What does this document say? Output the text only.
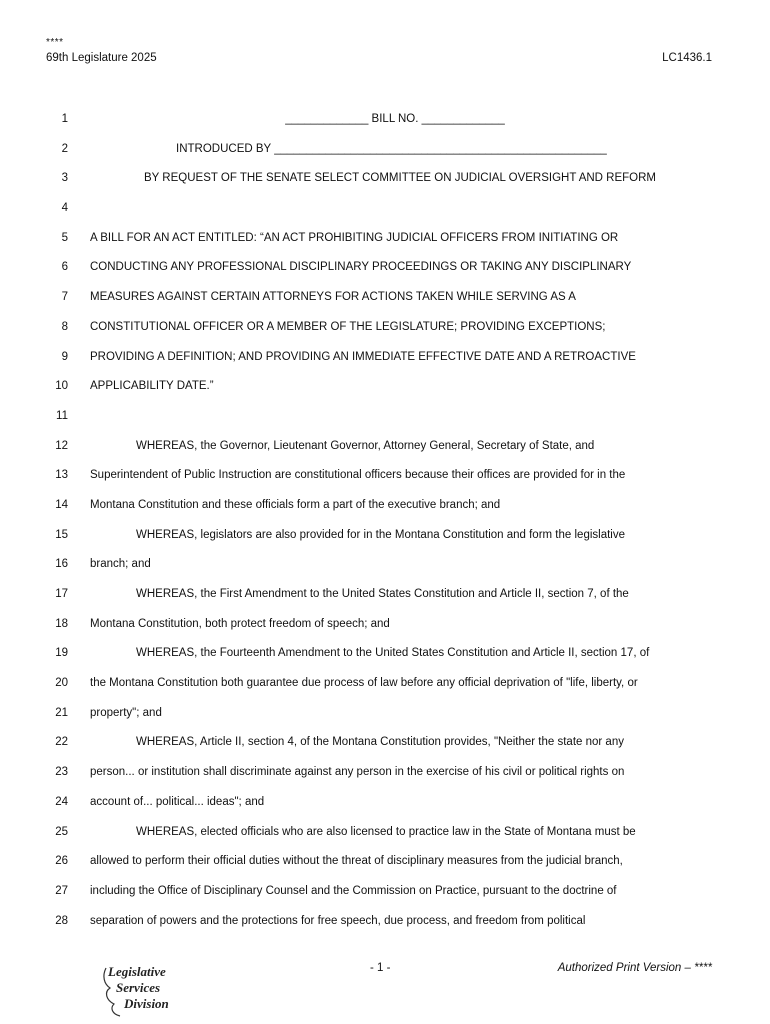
****
69th Legislature 2025	LC1436.1
1	_____________ BILL NO. _____________
2	INTRODUCED BY ____________________________________________________
3	BY REQUEST OF THE SENATE SELECT COMMITTEE ON JUDICIAL OVERSIGHT AND REFORM
4
5 A BILL FOR AN ACT ENTITLED: “AN ACT PROHIBITING JUDICIAL OFFICERS FROM INITIATING OR
6 CONDUCTING ANY PROFESSIONAL DISCIPLINARY PROCEEDINGS OR TAKING ANY DISCIPLINARY
7 MEASURES AGAINST CERTAIN ATTORNEYS FOR ACTIONS TAKEN WHILE SERVING AS A
8 CONSTITUTIONAL OFFICER OR A MEMBER OF THE LEGISLATURE; PROVIDING EXCEPTIONS;
9 PROVIDING A DEFINITION; AND PROVIDING AN IMMEDIATE EFFECTIVE DATE AND A RETROACTIVE
10 APPLICABILITY DATE.”
11
12	WHEREAS, the Governor, Lieutenant Governor, Attorney General, Secretary of State, and
13 Superintendent of Public Instruction are constitutional officers because their offices are provided for in the
14 Montana Constitution and these officials form a part of the executive branch; and
15	WHEREAS, legislators are also provided for in the Montana Constitution and form the legislative
16 branch; and
17	WHEREAS, the First Amendment to the United States Constitution and Article II, section 7, of the
18 Montana Constitution, both protect freedom of speech; and
19	WHEREAS, the Fourteenth Amendment to the United States Constitution and Article II, section 17, of
20 the Montana Constitution both guarantee due process of law before any official deprivation of "life, liberty, or
21 property"; and
22	WHEREAS, Article II, section 4, of the Montana Constitution provides, "Neither the state nor any
23 person... or institution shall discriminate against any person in the exercise of his civil or political rights on
24 account of... political... ideas"; and
25	WHEREAS, elected officials who are also licensed to practice law in the State of Montana must be
26 allowed to perform their official duties without the threat of disciplinary measures from the judicial branch,
27 including the Office of Disciplinary Counsel and the Commission on Practice, pursuant to the doctrine of
28 separation of powers and the protections for free speech, due process, and freedom from political
Legislative
Services
Division
- 1 -	Authorized Print Version – ****
